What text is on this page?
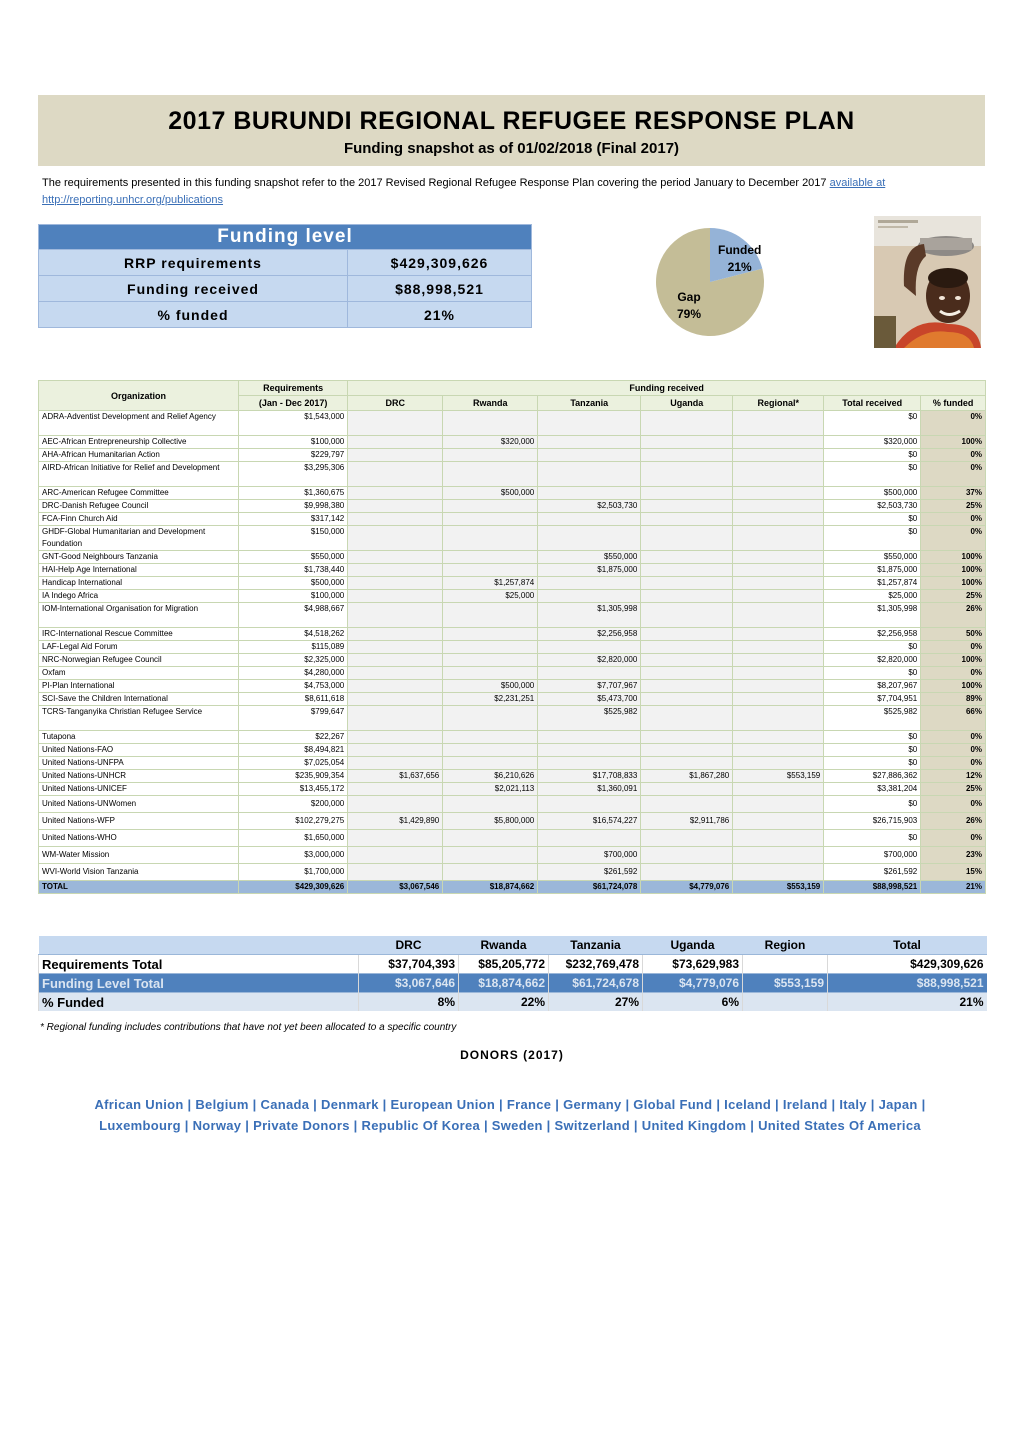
2017 BURUNDI REGIONAL REFUGEE RESPONSE PLAN
Funding snapshot as of 01/02/2018 (Final 2017)
The requirements presented in this funding snapshot refer to the 2017 Revised Regional Refugee Response Plan covering the period January to December 2017 available at
http://reporting.unhcr.org/publications
Funding level	
RRP requirements	$429,309,626
Funding received	$88,998,521
% funded	21%
Funded
21%
Gap
79%
Organization	Requirements	Funding received						
	(Jan - Dec 2017)	DRC	Rwanda	Tanzania	Uganda	Regional*	Total received	% funded
ADRA-Adventist Development and Relief Agency	$1,543,000						$0	0%
AEC-African Entrepreneurship Collective	$100,000		$320,000				$320,000	100%
AHA-African Humanitarian Action	$229,797						$0	0%
AIRD-African Initiative for Relief and Development	$3,295,306						$0	0%
ARC-American Refugee Committee	$1,360,675		$500,000				$500,000	37%
DRC-Danish Refugee Council	$9,998,380			$2,503,730			$2,503,730	25%
FCA-Finn Church Aid	$317,142						$0	0%
GHDF-Global Humanitarian and Development Foundation	$150,000						$0	0%
GNT-Good Neighbours Tanzania	$550,000			$550,000			$550,000	100%
HAI-Help Age International	$1,738,440			$1,875,000			$1,875,000	100%
Handicap International	$500,000		$1,257,874				$1,257,874	100%
IA Indego Africa	$100,000		$25,000				$25,000	25%
IOM-International Organisation for Migration	$4,988,667			$1,305,998			$1,305,998	26%
IRC-International Rescue Committee	$4,518,262			$2,256,958			$2,256,958	50%
LAF-Legal Aid Forum	$115,089						$0	0%
NRC-Norwegian Refugee Council	$2,325,000			$2,820,000			$2,820,000	100%
Oxfam	$4,280,000						$0	0%
PI-Plan International	$4,753,000		$500,000	$7,707,967			$8,207,967	100%
SCI-Save the Children International	$8,611,618		$2,231,251	$5,473,700			$7,704,951	89%
TCRS-Tanganyika Christian Refugee Service	$799,647			$525,982			$525,982	66%
Tutapona	$22,267						$0	0%
United Nations-FAO	$8,494,821						$0	0%
United Nations-UNFPA	$7,025,054						$0	0%
United Nations-UNHCR	$235,909,354	$1,637,656	$6,210,626	$17,708,833	$1,867,280	$553,159	$27,886,362	12%
United Nations-UNICEF	$13,455,172		$2,021,113	$1,360,091			$3,381,204	25%
United Nations-UNWomen	$200,000						$0	0%
United Nations-WFP	$102,279,275	$1,429,890	$5,800,000	$16,574,227	$2,911,786		$26,715,903	26%
United Nations-WHO	$1,650,000						$0	0%
WM-Water Mission	$3,000,000			$700,000			$700,000	23%
WVI-World Vision Tanzania	$1,700,000			$261,592			$261,592	15%
TOTAL	$429,309,626	$3,067,546	$18,874,662	$61,724,078	$4,779,076	$553,159	$88,998,521	21%
	DRC	Rwanda	Tanzania	Uganda	Region	Total
Requirements Total	$37,704,393	$85,205,772	$232,769,478	$73,629,983		$429,309,626
Funding Level Total	$3,067,646	$18,874,662	$61,724,678	$4,779,076	$553,159	$88,998,521
% Funded	8%	22%	27%	6%		21%
* Regional funding includes contributions that have not yet been allocated to a specific country
DONORS (2017)
African Union | Belgium | Canada | Denmark | European Union | France | Germany | Global Fund | Iceland | Ireland | Italy | Japan |
Luxembourg | Norway | Private Donors | Republic Of Korea | Sweden | Switzerland | United Kingdom | United States Of America
